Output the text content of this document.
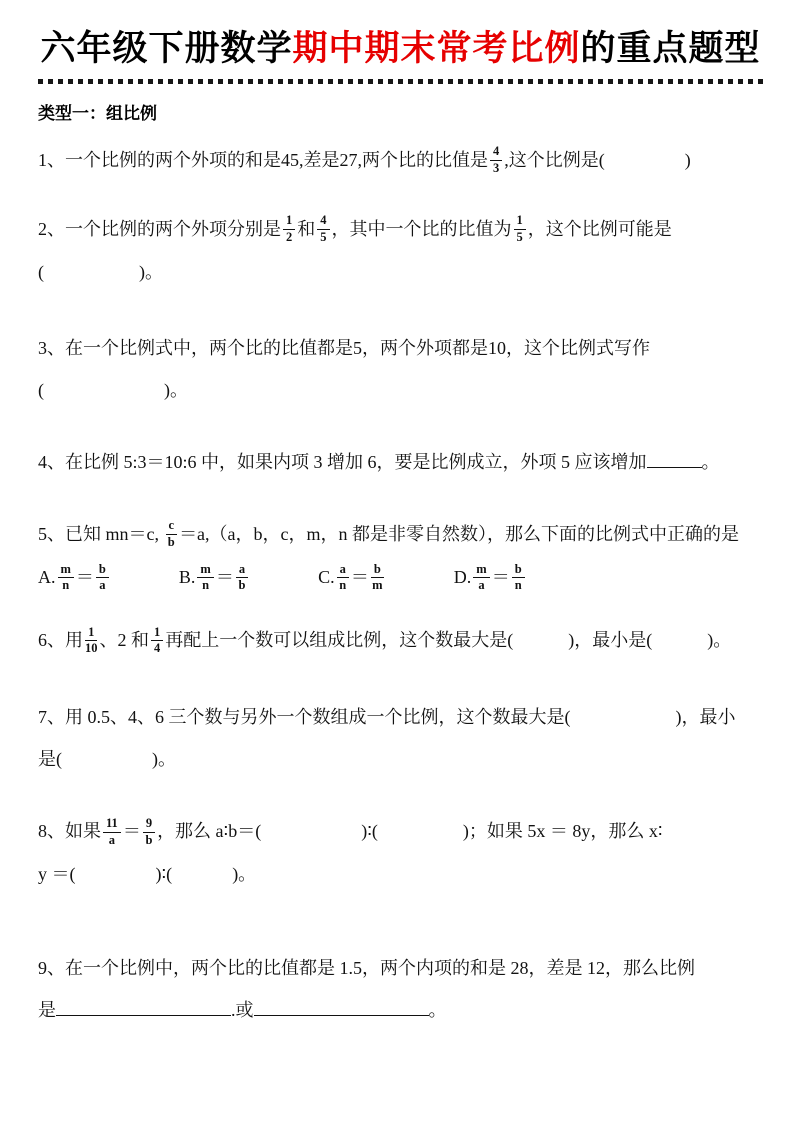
六年级下册数学期中期末常考比例的重点题型
类型一：组比例
1、一个比例的两个外项的和是45,差是27,两个比的比值是 $\frac{4}{3}$ ,这个比例是(	)
2、一个比例的两个外项分别是 $\frac{1}{2}$ 和 $\frac{4}{5}$ ，其中一个比的比值为 $\frac{1}{5}$ ，这个比例可能是
(	)。
3、在一个比例式中，两个比的比值都是5，两个外项都是10，这个比例式写作
(	)。
4、在比例 5:3＝10:6 中，如果内项 3 增加 6，要是比例成立，外项 5 应该增加	。
5、已知 mn＝c, $\frac{c}{b} =a,(a$，b，c，m，n 都是非零自然数），那么下面的比例式中正确的是
A. $\frac{m}{n} = \frac{b}{a}$	B. $\frac{m}{n} = \frac{a}{b}$	C. $\frac{a}{n} = \frac{b}{m}$	D. $\frac{m}{a} = \frac{b}{n}$
6、用 $\frac{1}{10}$ 、2 和 $\frac{1}{4}$ 再配上一个数可以组成比例，这个数最大是(	)，最小是(	)。
7、用 0.5、4、6 三个数与另外一个数组成一个比例，这个数最大是(	)，最小
是(	)。
8、如果 $\frac{11}{a} = \frac{9}{b}$ ，那么 a∶b＝(	)∶(	)；如果 5x ＝ 8y，那么 x∶
y ＝(	)∶(	)。
9、在一个比例中，两个比的比值都是 1.5，两个内项的和是 28，差是 12，那么比例
是	.或	。
